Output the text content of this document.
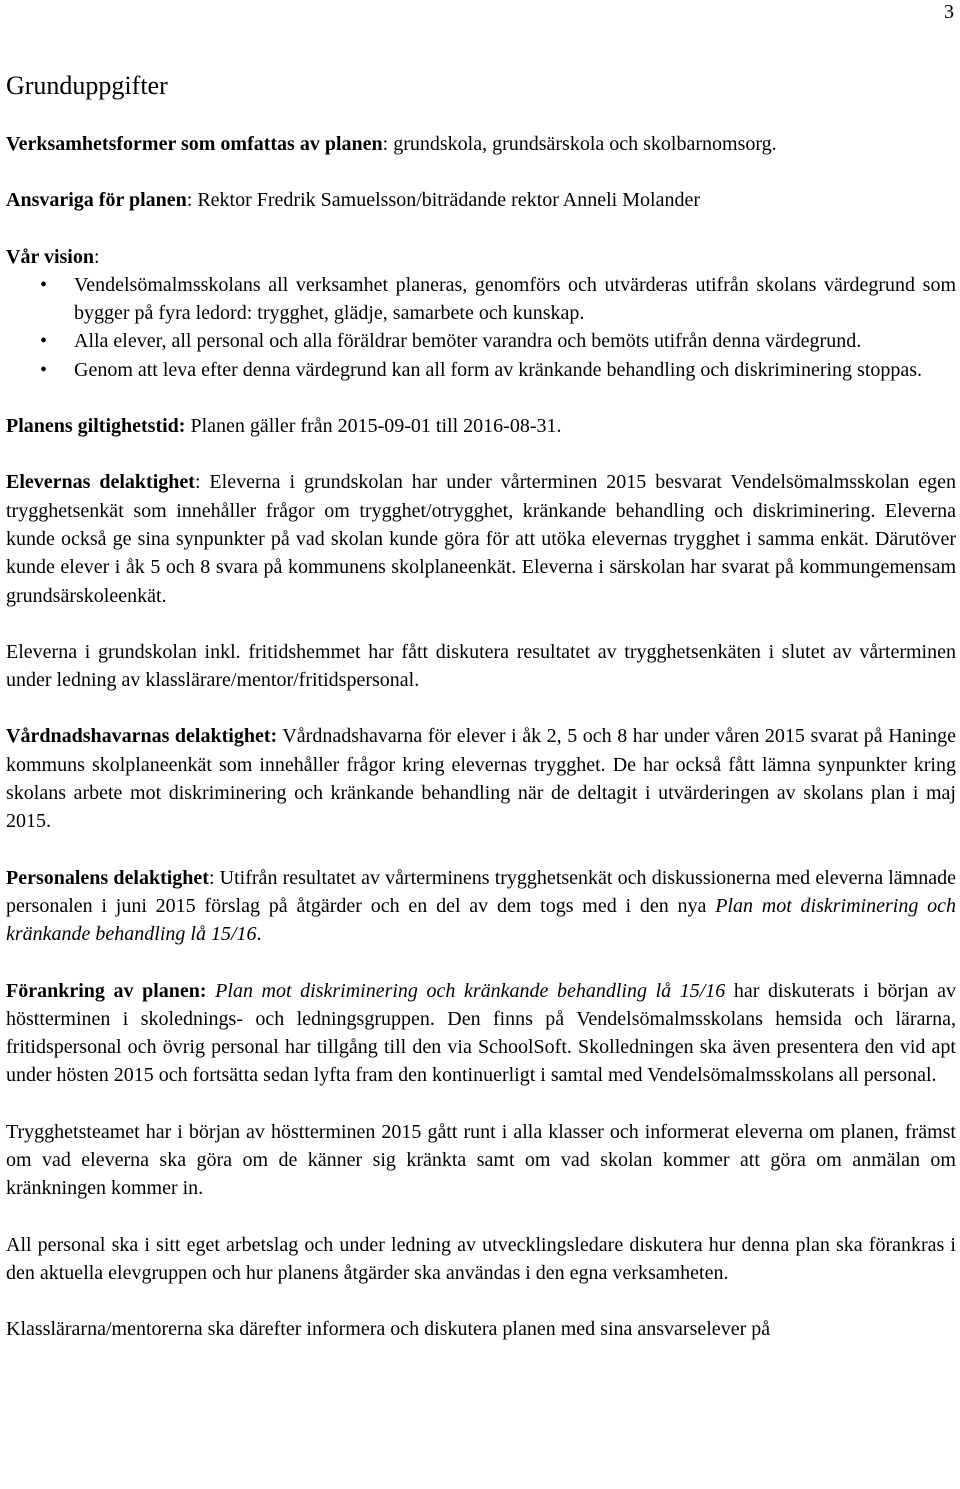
3
Grunduppgifter

Verksamhetsformer som omfattas av planen: grundskola, grundsärskola och skolbarnomsorg.

Ansvariga för planen: Rektor Fredrik Samuelsson/biträdande rektor Anneli Molander

Vår vision:

• Vendelsömalmsskolans all verksamhet planeras, genomförs och utvärderas utifrån skolans värdegrund som bygger på fyra ledord: trygghet, glädje, samarbete och kunskap.
• Alla elever, all personal och alla föräldrar bemöter varandra och bemöts utifrån denna värdegrund.
• Genom att leva efter denna värdegrund kan all form av kränkande behandling och diskriminering stoppas.

Planens giltighetstid: Planen gäller från 2015-09-01 till 2016-08-31.

Elevernas delaktighet: Eleverna i grundskolan har under vårterminen 2015 besvarat Vendelsömalmsskolan egen trygghetsenkät som innehåller frågor om trygghet/otrygghet, kränkande behandling och diskriminering. Eleverna kunde också ge sina synpunkter på vad skolan kunde göra för att utöka elevernas trygghet i samma enkät. Därutöver kunde elever i åk 5 och 8 svara på kommunens skolplaneenkät. Eleverna i särskolan har svarat på kommungemensam grundsärskoleenkät.

Eleverna i grundskolan inkl. fritidshemmet har fått diskutera resultatet av trygghetsenkäten i slutet av vårterminen under ledning av klasslärare/mentor/fritidspersonal.

Vårdnadshavarnas delaktighet: Vårdnadshavarna för elever i åk 2, 5 och 8 har under våren 2015 svarat på Haninge kommuns skolplaneenkät som innehåller frågor kring elevernas trygghet. De har också fått lämna synpunkter kring skolans arbete mot diskriminering och kränkande behandling när de deltagit i utvärderingen av skolans plan i maj 2015.

Personalens delaktighet: Utifrån resultatet av vårterminens trygghetsenkät och diskussionerna med eleverna lämnade personalen i juni 2015 förslag på åtgärder och en del av dem togs med i den nya Plan mot diskriminering och kränkande behandling lå 15/16.

Förankring av planen: Plan mot diskriminering och kränkande behandling lå 15/16 har diskuterats i början av höstterminen i skolednings- och ledningsgruppen. Den finns på Vendelsömalmsskolans hemsida och lärarna, fritidspersonal och övrig personal har tillgång till den via SchoolSoft. Skolledningen ska även presentera den vid apt under hösten 2015 och fortsätta sedan lyfta fram den kontinuerligt i samtal med Vendelsömalmsskolans all personal.

Trygghetsteamet har i början av höstterminen 2015 gått runt i alla klasser och informerat eleverna om planen, främst om vad eleverna ska göra om de känner sig kränkta samt om vad skolan kommer att göra om anmälan om kränkningen kommer in.

All personal ska i sitt eget arbetslag och under ledning av utvecklingsledare diskutera hur denna plan ska förankras i den aktuella elevgruppen och hur planens åtgärder ska användas i den egna verksamheten.

Klasslärarna/mentorerna ska därefter informera och diskutera planen med sina ansvarselever på
